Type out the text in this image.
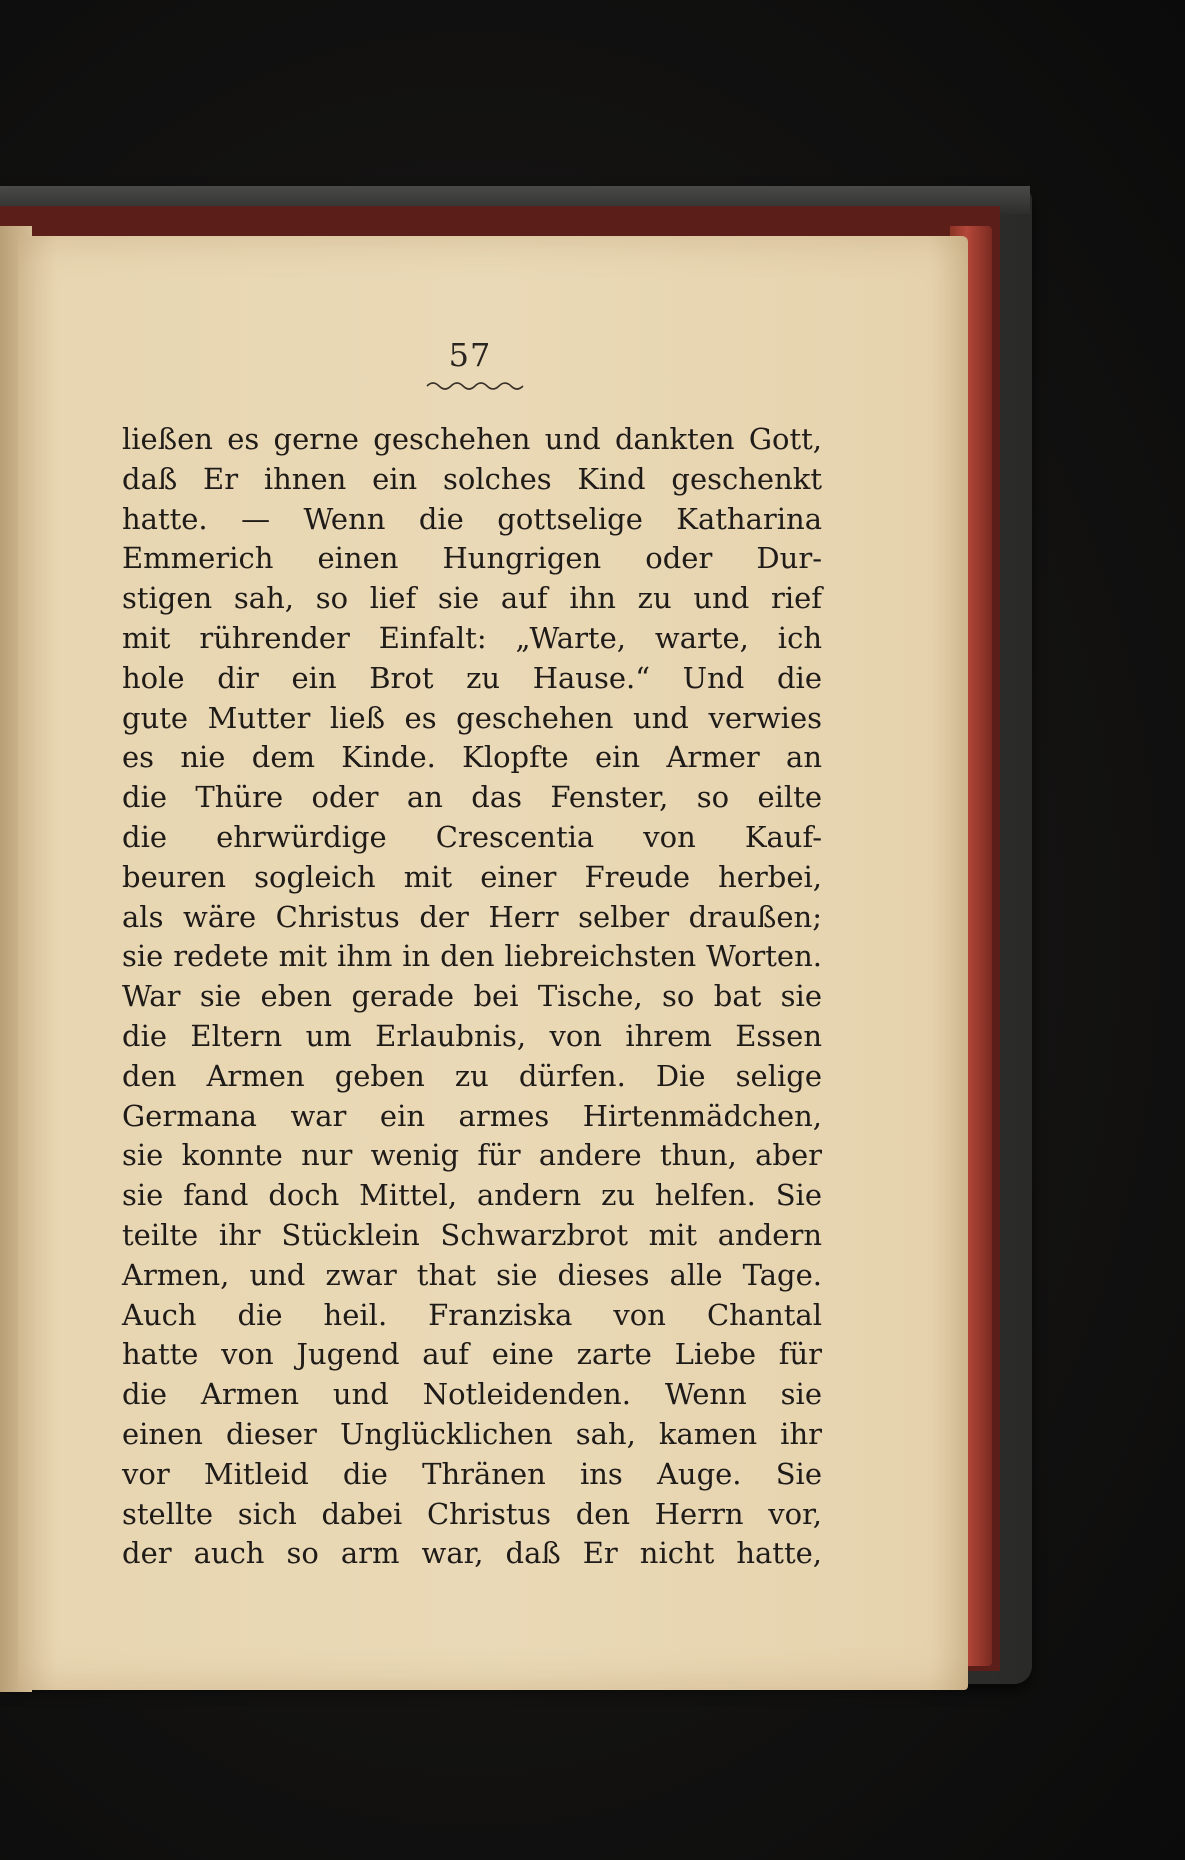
57
ließen es gerne geschehen und dankten Gott,
daß Er ihnen ein solches Kind geschenkt
hatte. — Wenn die gottselige Katharina
Emmerich einen Hungrigen oder Dur-
stigen sah, so lief sie auf ihn zu und rief
mit rührender Einfalt: „Warte, warte, ich
hole dir ein Brot zu Hause.“ Und die
gute Mutter ließ es geschehen und verwies
es nie dem Kinde. Klopfte ein Armer an
die Thüre oder an das Fenster, so eilte
die ehrwürdige Crescentia von Kauf-
beuren sogleich mit einer Freude herbei,
als wäre Christus der Herr selber draußen;
sie redete mit ihm in den liebreichsten Worten.
War sie eben gerade bei Tische, so bat sie
die Eltern um Erlaubnis, von ihrem Essen
den Armen geben zu dürfen. Die selige
Germana war ein armes Hirtenmädchen,
sie konnte nur wenig für andere thun, aber
sie fand doch Mittel, andern zu helfen. Sie
teilte ihr Stücklein Schwarzbrot mit andern
Armen, und zwar that sie dieses alle Tage.
Auch die heil. Franziska von Chantal
hatte von Jugend auf eine zarte Liebe für
die Armen und Notleidenden. Wenn sie
einen dieser Unglücklichen sah, kamen ihr
vor Mitleid die Thränen ins Auge. Sie
stellte sich dabei Christus den Herrn vor,
der auch so arm war, daß Er nicht hatte,
